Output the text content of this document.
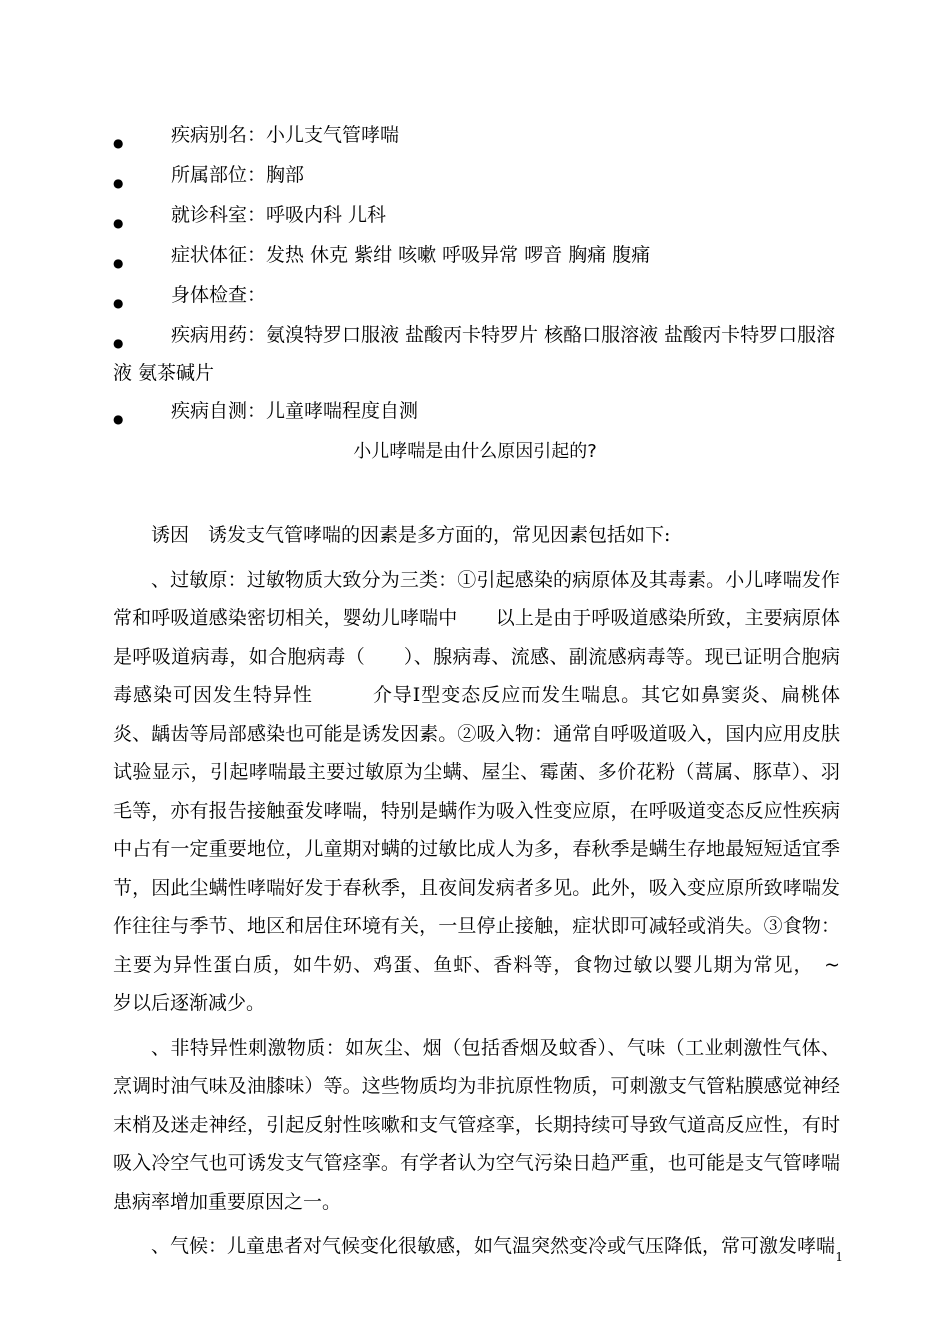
●	疾病别名：小儿支气管哮喘
●	所属部位：胸部
●	就诊科室：呼吸内科 儿科
●	症状体征：发热 休克 紫绀 咳嗽 呼吸异常 啰音 胸痛 腹痛
●	身体检查：
●	疾病用药：氨溴特罗口服液 盐酸丙卡特罗片 核酪口服溶液 盐酸丙卡特罗口服溶液 氨茶碱片
●	疾病自测：儿童哮喘程度自测
小儿哮喘是由什么原因引起的?

诱因　诱发支气管哮喘的因素是多方面的，常见因素包括如下:

、过敏原：过敏物质大致分为三类：①引起感染的病原体及其毒素。小儿哮喘发作常和呼吸道感染密切相关，婴幼儿哮喘中　　以上是由于呼吸道感染所致，主要病原体是呼吸道病毒，如合胞病毒（　　）、腺病毒、流感、副流感病毒等。现已证明合胞病毒感染可因发生特异性　　　介导Ⅰ型变态反应而发生喘息。其它如鼻窦炎、扁桃体炎、龋齿等局部感染也可能是诱发因素。②吸入物：通常自呼吸道吸入，国内应用皮肤试验显示，引起哮喘最主要过敏原为尘螨、屋尘、霉菌、多价花粉（蒿属、豚草）、羽毛等，亦有报告接触蚕发哮喘，特别是螨作为吸入性变应原，在呼吸道变态反应性疾病中占有一定重要地位，儿童期对螨的过敏比成人为多，春秋季是螨生存地最短短适宜季节，因此尘螨性哮喘好发于春秋季，且夜间发病者多见。此外，吸入变应原所致哮喘发作往往与季节、地区和居住环境有关，一旦停止接触，症状即可减轻或消失。③食物：主要为异性蛋白质，如牛奶、鸡蛋、鱼虾、香料等，食物过敏以婴儿期为常见，　~　岁以后逐渐减少。

、非特异性刺激物质：如灰尘、烟（包括香烟及蚊香）、气味（工业刺激性气体、烹调时油气味及油膝味）等。这些物质均为非抗原性物质，可刺激支气管粘膜感觉神经末梢及迷走神经，引起反射性咳嗽和支气管痉挛，长期持续可导致气道高反应性，有时吸入冷空气也可诱发支气管痉挛。有学者认为空气污染日趋严重，也可能是支气管哮喘患病率增加重要原因之一。

、气候：儿童患者对气候变化很敏感，如气温突然变冷或气压降低，常可激发哮喘 1
